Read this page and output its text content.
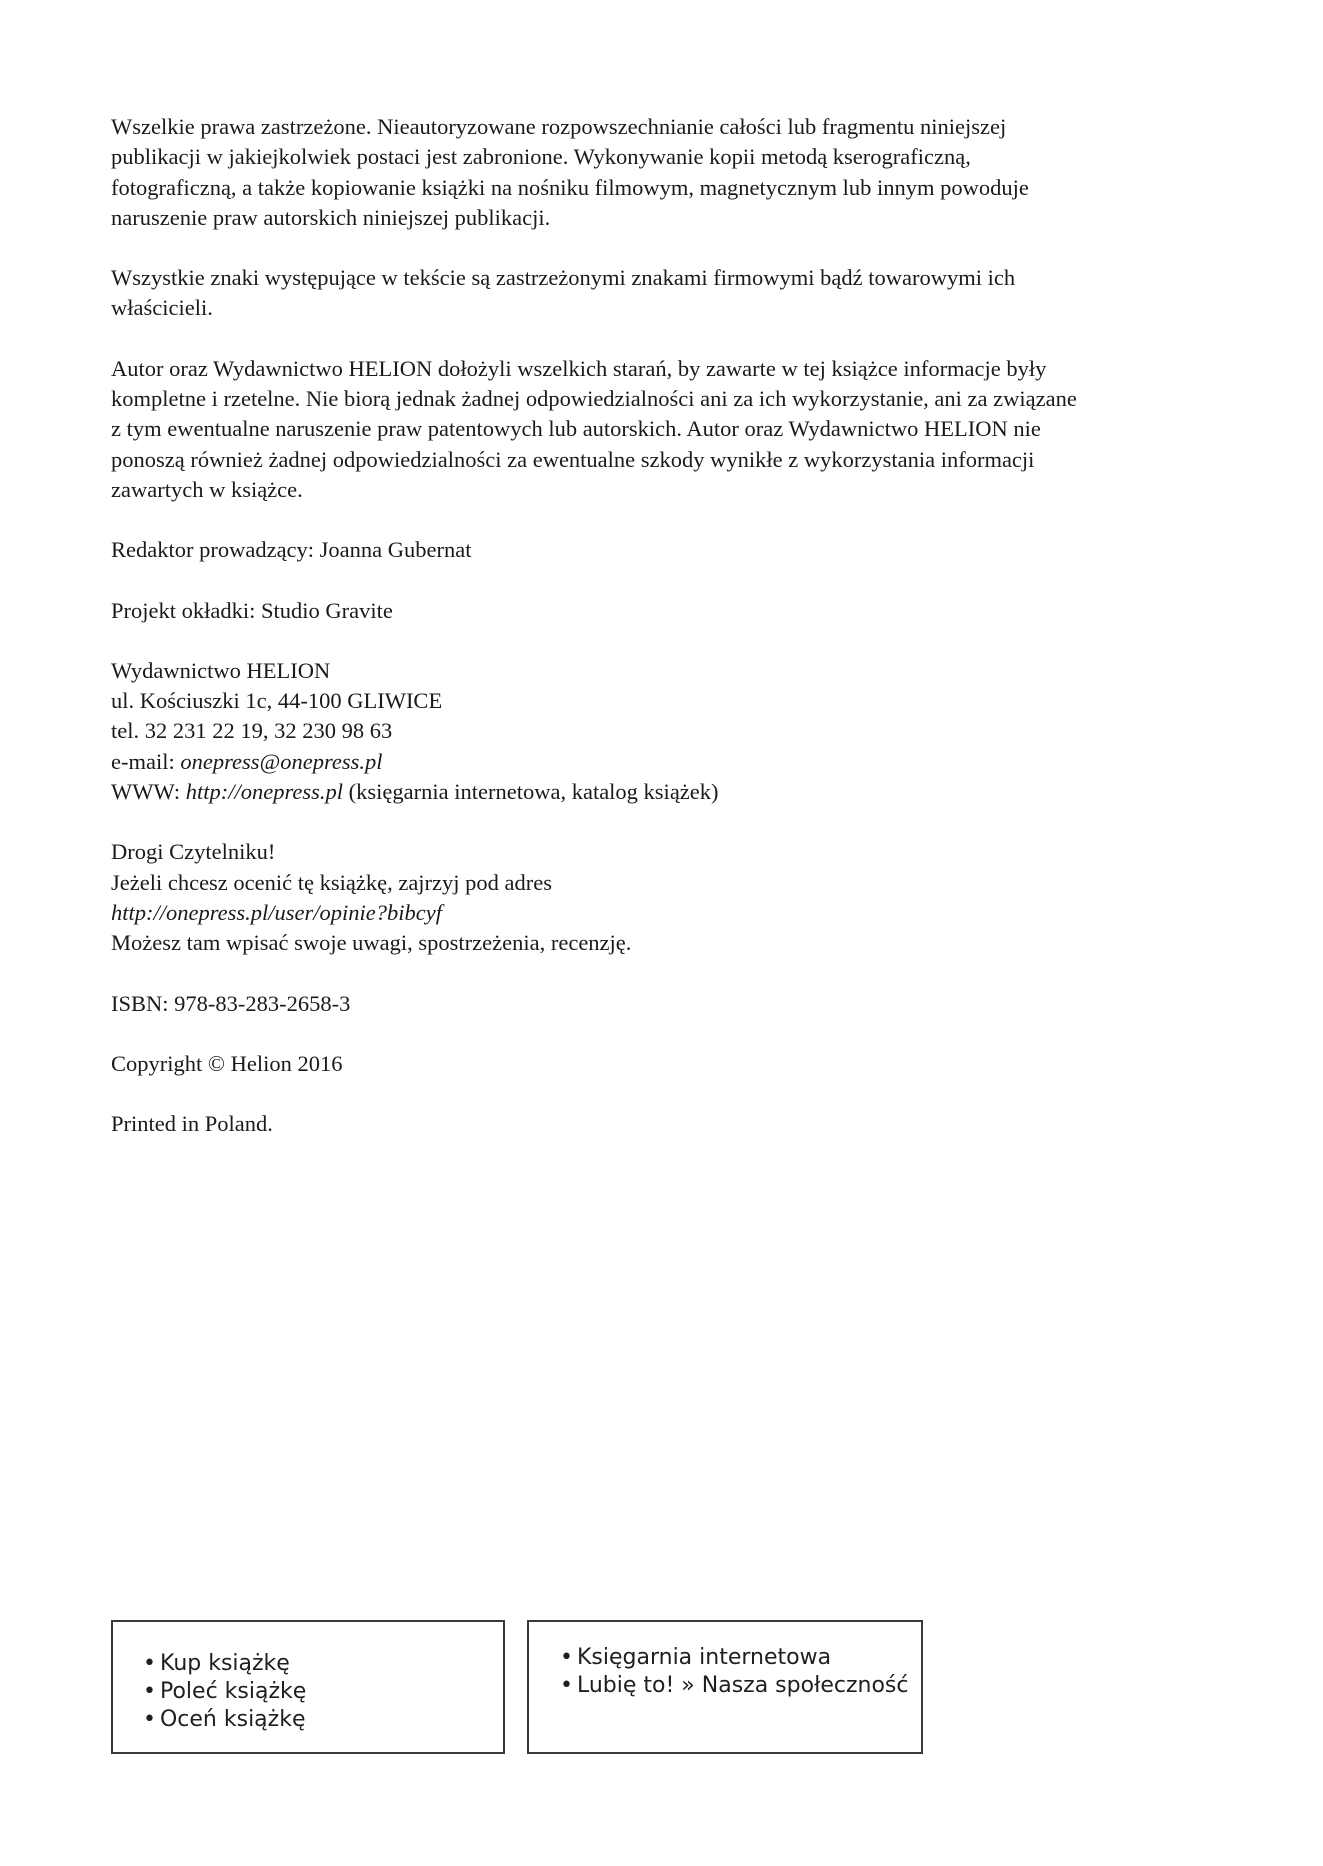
Wszelkie prawa zastrzeżone. Nieautoryzowane rozpowszechnianie całości lub fragmentu niniejszej
publikacji w jakiejkolwiek postaci jest zabronione. Wykonywanie kopii metodą kserograficzną,
fotograficzną, a także kopiowanie książki na nośniku filmowym, magnetycznym lub innym powoduje
naruszenie praw autorskich niniejszej publikacji.

Wszystkie znaki występujące w tekście są zastrzeżonymi znakami firmowymi bądź towarowymi ich
właścicieli.

Autor oraz Wydawnictwo HELION dołożyli wszelkich starań, by zawarte w tej książce informacje były
kompletne i rzetelne. Nie biorą jednak żadnej odpowiedzialności ani za ich wykorzystanie, ani za związane
z tym ewentualne naruszenie praw patentowych lub autorskich. Autor oraz Wydawnictwo HELION nie
ponoszą również żadnej odpowiedzialności za ewentualne szkody wynikłe z wykorzystania informacji
zawartych w książce.

Redaktor prowadzący: Joanna Gubernat

Projekt okładki: Studio Gravite

Wydawnictwo HELION
ul. Kościuszki 1c, 44-100 GLIWICE
tel. 32 231 22 19, 32 230 98 63
e-mail: onepress@onepress.pl
WWW: http://onepress.pl (księgarnia internetowa, katalog książek)

Drogi Czytelniku!
Jeżeli chcesz ocenić tę książkę, zajrzyj pod adres
http://onepress.pl/user/opinie?bibcyf
Możesz tam wpisać swoje uwagi, spostrzeżenia, recenzję.

ISBN: 978-83-283-2658-3

Copyright © Helion 2016

Printed in Poland.

• Kup książkę
• Poleć książkę
• Oceń książkę
• Księgarnia internetowa
• Lubię to! » Nasza społeczność
